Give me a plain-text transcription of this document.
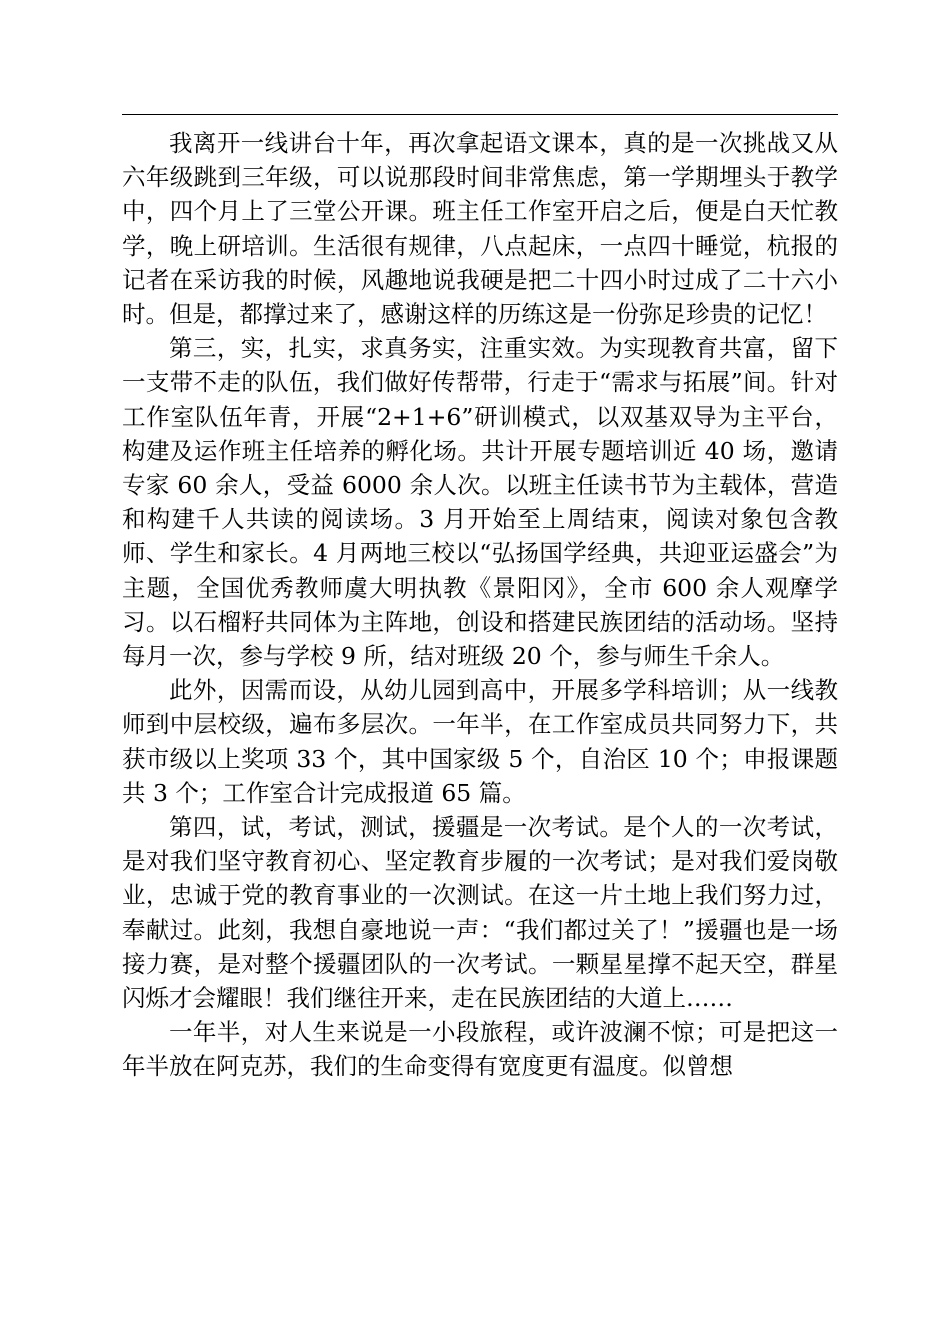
我离开一线讲台十年，再次拿起语文课本，真的是一次挑战又从六年级跳到三年级，可以说那段时间非常焦虑，第一学期埋头于教学中，四个月上了三堂公开课。班主任工作室开启之后，便是白天忙教学，晚上研培训。生活很有规律，八点起床，一点四十睡觉，杭报的记者在采访我的时候，风趣地说我硬是把二十四小时过成了二十六小时。但是，都撑过来了，感谢这样的历练这是一份弥足珍贵的记忆！

第三，实，扎实，求真务实，注重实效。为实现教育共富，留下一支带不走的队伍，我们做好传帮带，行走于“需求与拓展”间。针对工作室队伍年青，开展“2+1+6”研训模式，以双基双导为主平台，构建及运作班主任培养的孵化场。共计开展专题培训近 40 场，邀请专家 60 余人，受益 6000 余人次。以班主任读书节为主载体，营造和构建千人共读的阅读场。3 月开始至上周结束，阅读对象包含教师、学生和家长。4 月两地三校以“弘扬国学经典，共迎亚运盛会”为主题，全国优秀教师虞大明执教《景阳冈》，全市 600 余人观摩学习。以石榴籽共同体为主阵地，创设和搭建民族团结的活动场。坚持每月一次，参与学校 9 所，结对班级 20 个，参与师生千余人。

此外，因需而设，从幼儿园到高中，开展多学科培训；从一线教师到中层校级，遍布多层次。一年半，在工作室成员共同努力下，共获市级以上奖项 33 个，其中国家级 5 个，自治区 10 个；申报课题共 3 个；工作室合计完成报道 65 篇。

第四，试，考试，测试，援疆是一次考试。是个人的一次考试，是对我们坚守教育初心、坚定教育步履的一次考试；是对我们爱岗敬业，忠诚于党的教育事业的一次测试。在这一片土地上我们努力过，奉献过。此刻，我想自豪地说一声：“我们都过关了！”援疆也是一场接力赛，是对整个援疆团队的一次考试。一颗星星撑不起天空，群星闪烁才会耀眼！我们继往开来，走在民族团结的大道上……

一年半，对人生来说是一小段旅程，或许波澜不惊；可是把这一年半放在阿克苏，我们的生命变得有宽度更有温度。似曾想
